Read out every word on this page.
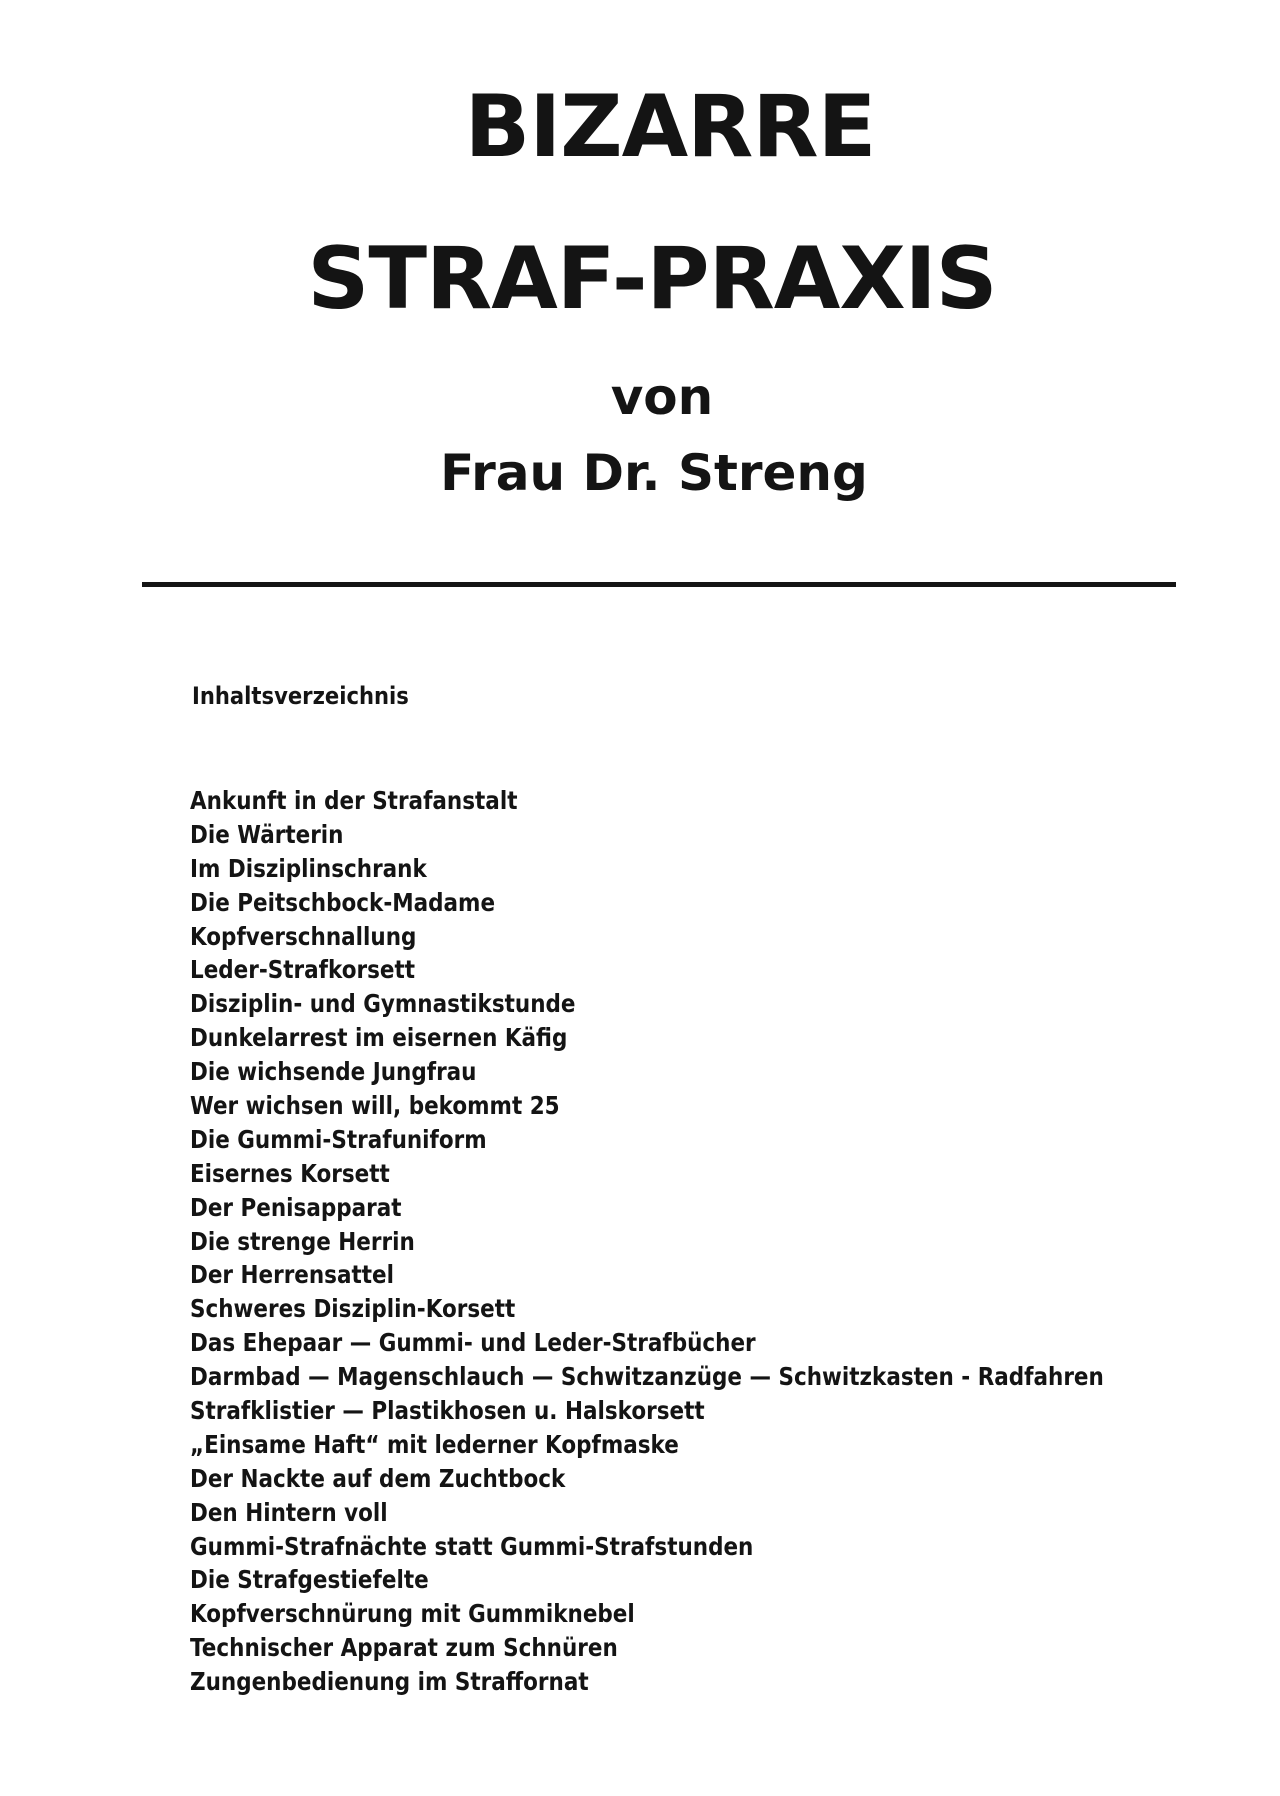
BIZARRE
STRAF-PRAXIS
von
Frau Dr. Streng
Inhaltsverzeichnis
Ankunft in der Strafanstalt
Die Wärterin
Im Disziplinschrank
Die Peitschbock-Madame
Kopfverschnallung
Leder-Strafkorsett
Disziplin- und Gymnastikstunde
Dunkelarrest im eisernen Käfig
Die wichsende Jungfrau
Wer wichsen will, bekommt 25
Die Gummi-Strafuniform
Eisernes Korsett
Der Penisapparat
Die strenge Herrin
Der Herrensattel
Schweres Disziplin-Korsett
Das Ehepaar — Gummi- und Leder-Strafbücher
Darmbad — Magenschlauch — Schwitzanzüge — Schwitzkasten - Radfahren
Strafklistier — Plastikhosen u. Halskorsett
„Einsame Haft“ mit lederner Kopfmaske
Der Nackte auf dem Zuchtbock
Den Hintern voll
Gummi-Strafnächte statt Gummi-Strafstunden
Die Strafgestiefelte
Kopfverschnürung mit Gummiknebel
Technischer Apparat zum Schnüren
Zungenbedienung im Straffornat
